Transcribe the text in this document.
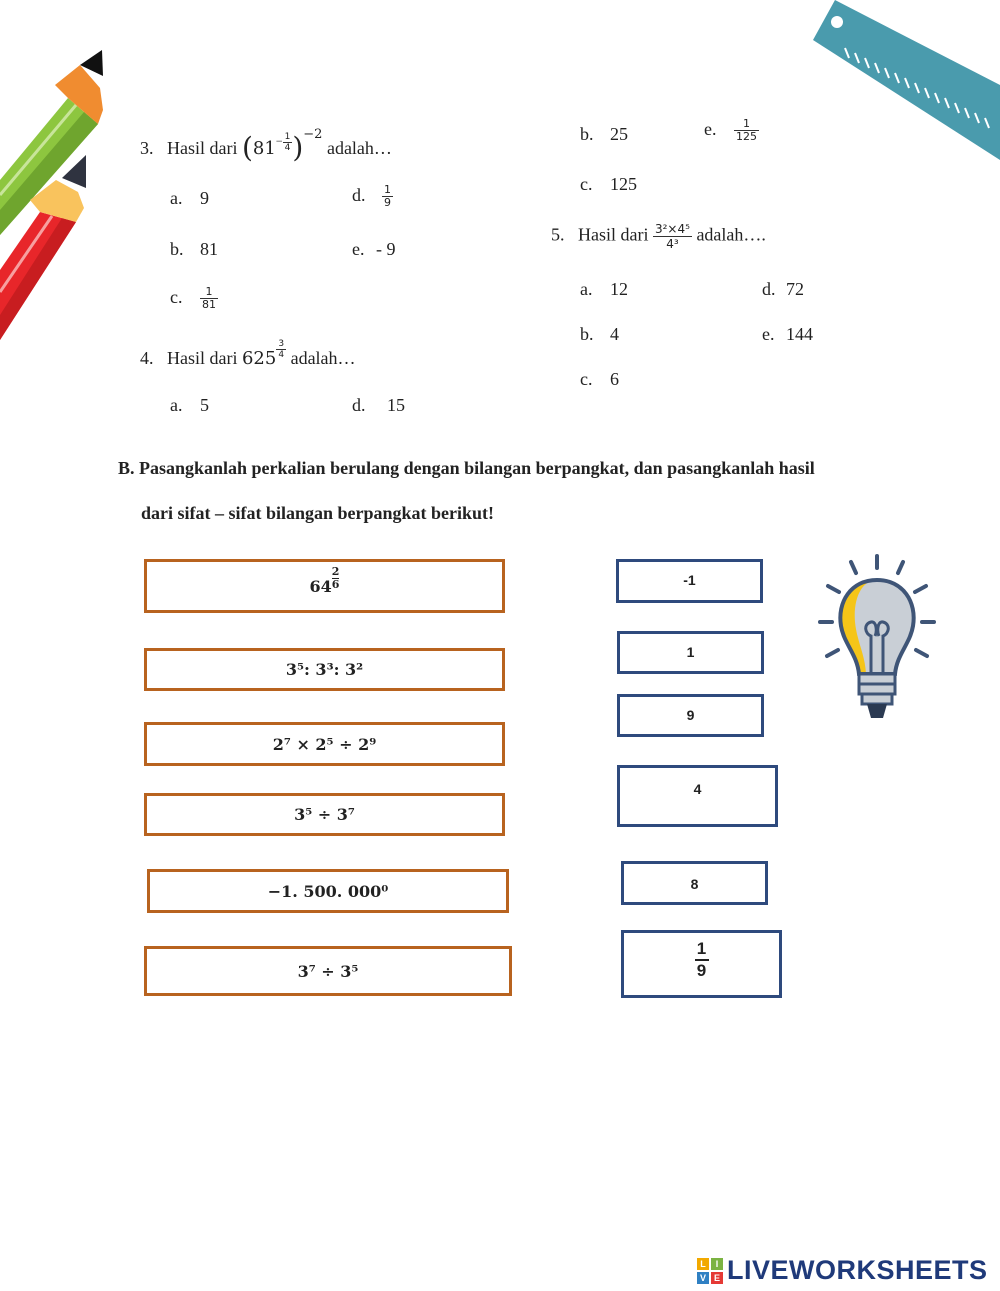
3. Hasil dari ($81^{- \frac{1}{4}}$ )$^{-2}$ adalah…
a. 9	d. $\frac{1}{9}$
b. 81	e. - 9
c. $\frac{1}{81}$
4. Hasil dari $625 \frac{3}{4}$ adalah…
a. 5	d. 15
b. 25	e. $\frac{1}{125}$
c. 125
5. Hasil dari $\frac{\text{3²×4⁵}}{\text{4³}}$ adalah….
a. 12	d. 72
b. 4	e. 144
c. 6
B. Pasangkanlah perkalian berulang dengan bilangan berpangkat, dan pasangkanlah hasil
dari sifat – sifat bilangan berpangkat berikut!
64
2
6
3⁵: 3³: 3²
2⁷ × 2⁵ ÷ 2⁹
3⁵ ÷ 3⁷
−1. 500. 000⁰
3⁷ ÷ 3⁵
-1
1
9
4
8
1
9
L	I
V E LIVEWORKSHEETS
